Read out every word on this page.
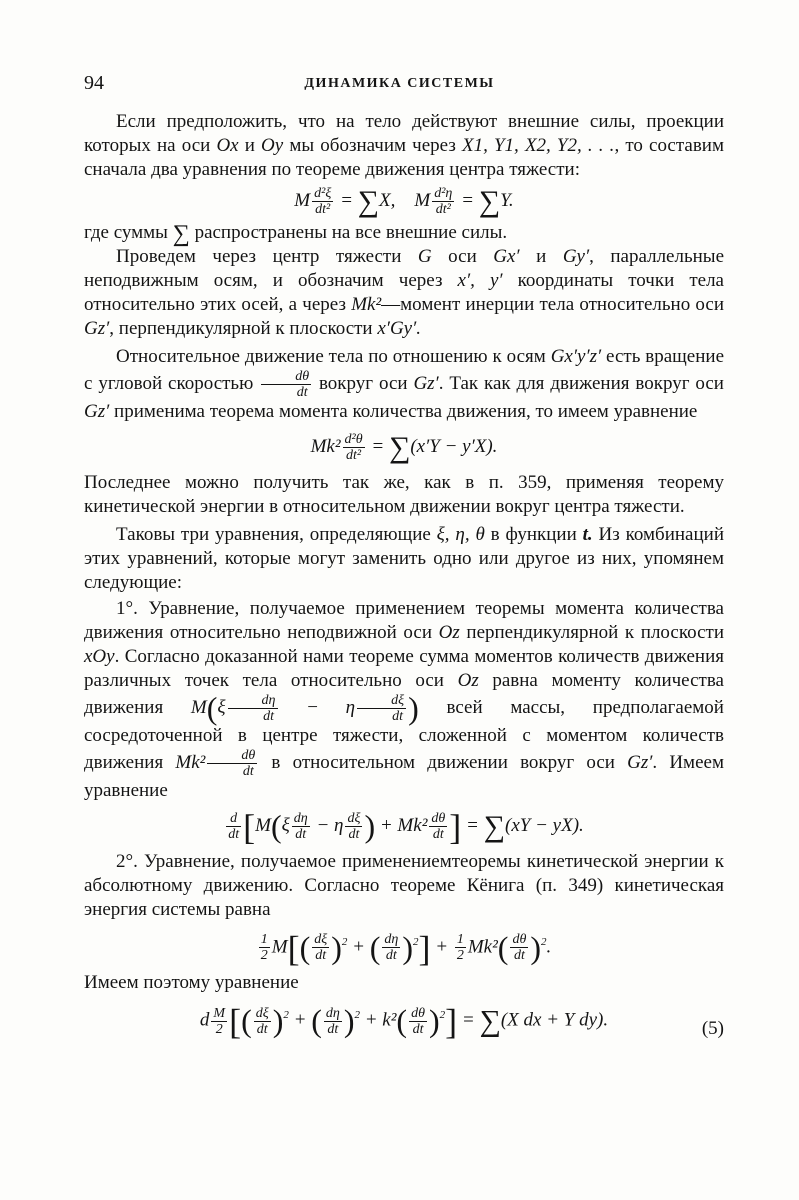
94	ДИНАМИКА СИСТЕМЫ

Если предположить, что на тело действуют внешние силы, проекции которых на оси Ox и Oy мы обозначим через X1, Y1, X2, Y2, . . ., то составим сначала два уравнения по теореме движения центра тяжести:

M $\frac{\text{d²ξ}}{\text{dt²}} = \sum X$,    M $\frac{\text{d²η}}{\text{dt²}} = \sum Y$.

где суммы ∑ распространены на все внешние силы.

Проведем через центр тяжести G оси Gx′ и Gy′, параллельные неподвижным осям, и обозначим через x′, y′ координаты точки тела относительно этих осей, а через Mk²—момент инерции тела относительно оси Gz′, перпендикулярной к плоскости x′Gy′.

Относительное движение тела по отношению к осям Gx′y′z′ есть вращение с угловой скоростью $\frac{d\theta}{dt}$ вокруг оси Gz′. Так как для движения вокруг оси Gz′ применима теорема момента количества движения, то имеем уравнение

$Mk^2 \frac{\text{d²θ}}{\text{dt²}} = \sum(x'Y - y'X)$.

Последнее можно получить так же, как в п. 359, применяя теорему кинетической энергии в относительном движении вокруг центра тяжести.

Таковы три уравнения, определяющие ξ, η, θ в функции t. Из комбинаций этих уравнений, которые могут заменить одно или другое из них, упомянем следующие:

1°. Уравнение, получаемое применением теоремы момента количества движения относительно неподвижной оси Oz перпендикулярной к плоскости xOy. Согласно доказанной нами теореме сумма моментов количеств движения различных точек тела относительно оси Oz равна моменту количества движения $M(\xi \frac{d\eta}{dt} - \eta \frac{d\xi}{dt}$ ) всей массы, предполагаемой сосредоточенной в центре тяжести, сложенной с моментом количеств движения $Mk^2 \frac{d\theta}{dt}$ в относительном движении вокруг оси Gz′. Имеем уравнение

$\frac{d}{dt} [M(\xi \frac{d\eta}{dt} - \eta \frac{d\xi}{dt}$ ) + $Mk^2 \frac{d\theta}{dt}$ ] = ∑(xY − yX).

2°. Уравнение, получаемое применениемтеоремы кинетической энергии к абсолютному движению. Согласно теореме Кёнига (п. 349) кинетическая энергия системы равна

$\frac{1}{2} M[( \frac{d\xi}{dt} )^2$ + ( $\frac{d\eta}{dt} )^2] + \frac{1}{2} Mk^2( \frac{d\theta}{dt} )^2$.

Имеем поэтому уравнение

d $\frac{M}{2}$ [( $\frac{d\xi}{dt} )^2$ + ( $\frac{d\eta}{dt} )^2 + k^2( \frac{d\theta}{dt} )^2] = \sum(X$ dx + Y dy).	(5)
